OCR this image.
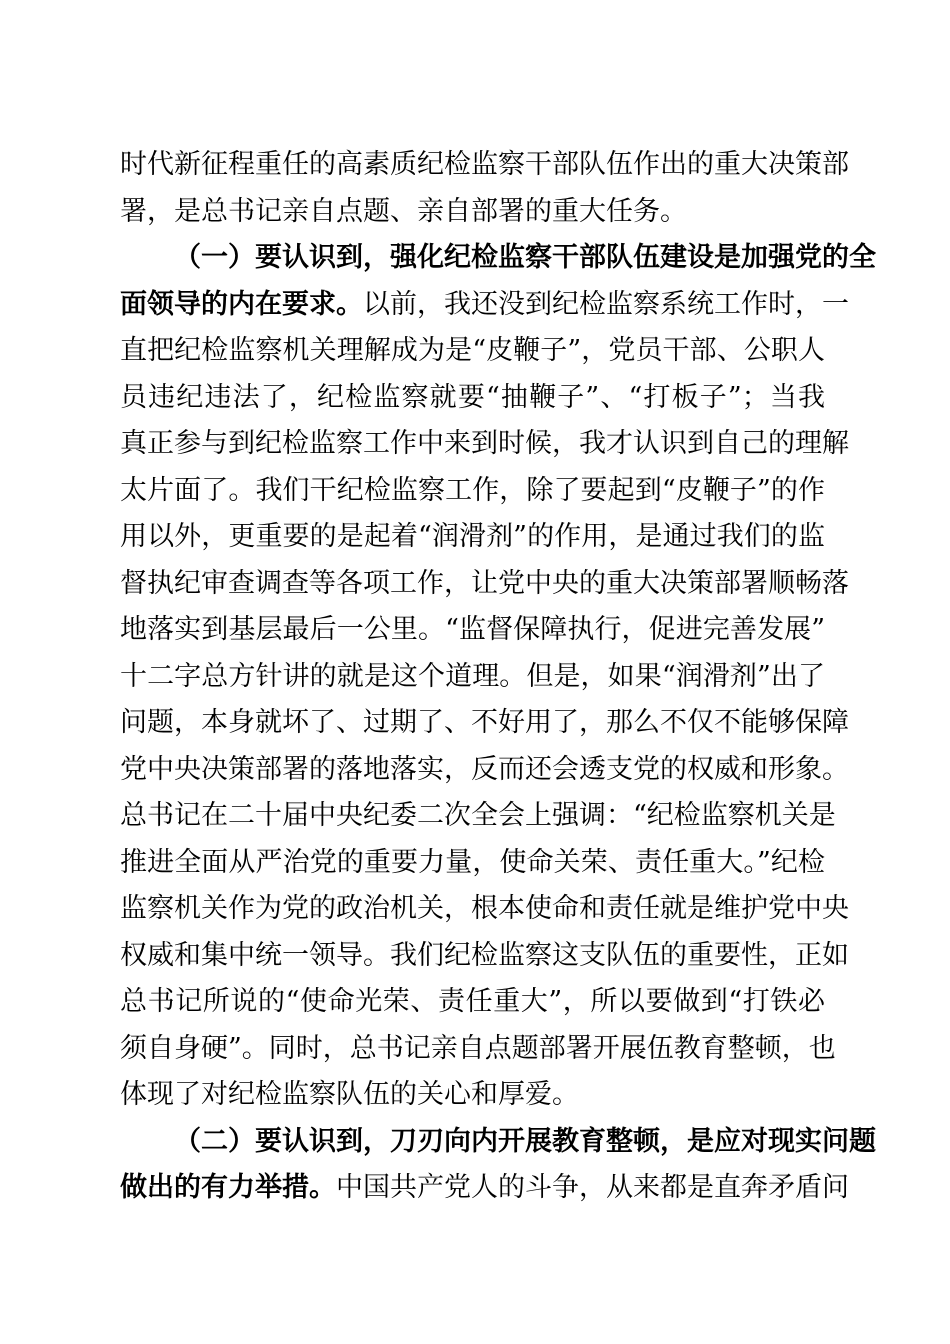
时代新征程重任的高素质纪检监察干部队伍作出的重大决策部
署，是总书记亲自点题、亲自部署的重大任务。
（一）要认识到，强化纪检监察干部队伍建设是加强党的全
面领导的内在要求。以前，我还没到纪检监察系统工作时，一
直把纪检监察机关理解成为是“皮鞭子”，党员干部、公职人
员违纪违法了，纪检监察就要“抽鞭子”、“打板子”；当我
真正参与到纪检监察工作中来到时候，我才认识到自己的理解
太片面了。我们干纪检监察工作，除了要起到“皮鞭子”的作
用以外，更重要的是起着“润滑剂”的作用，是通过我们的监
督执纪审查调查等各项工作，让党中央的重大决策部署顺畅落
地落实到基层最后一公里。“监督保障执行，促进完善发展”
十二字总方针讲的就是这个道理。但是，如果“润滑剂”出了
问题，本身就坏了、过期了、不好用了，那么不仅不能够保障
党中央决策部署的落地落实，反而还会透支党的权威和形象。
总书记在二十届中央纪委二次全会上强调：“纪检监察机关是
推进全面从严治党的重要力量，使命关荣、责任重大。”纪检
监察机关作为党的政治机关，根本使命和责任就是维护党中央
权威和集中统一领导。我们纪检监察这支队伍的重要性，正如
总书记所说的“使命光荣、责任重大”，所以要做到“打铁必
须自身硬”。同时，总书记亲自点题部署开展伍教育整顿，也
体现了对纪检监察队伍的关心和厚爱。
（二）要认识到，刀刃向内开展教育整顿，是应对现实问题
做出的有力举措。中国共产党人的斗争，从来都是直奔矛盾问
